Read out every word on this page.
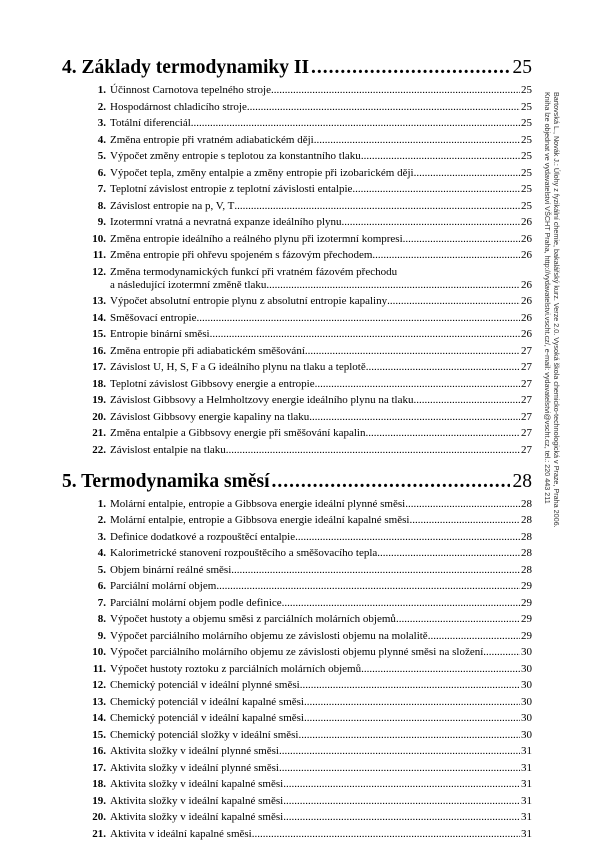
4. Základy termodynamiky II .....	25
1. Účinnost Carnotova tepelného stroje .....	25
2. Hospodárnost chladicího stroje .....	25
3. Totální diferenciál .....	25
4. Změna entropie při vratném adiabatickém ději .....	25
5. Výpočet změny entropie s teplotou za konstantního tlaku .....	25
6. Výpočet tepla, změny entalpie a změny entropie při izobarickém ději .....	25
7. Teplotní závislost entropie z teplotní závislosti entalpie .....	25
8. Závislost entropie na p, V, T .....	25
9. Izotermní vratná a nevratná expanze ideálního plynu .....	26
10. Změna entropie ideálního a reálného plynu při izotermní kompresi .....	26
11. Změna entropie při ohřevu spojeném s fázovým přechodem .....	26
12. Změna termodynamických funkcí při vratném fázovém přechodu
a následující izotermní změně tlaku .....	26
13. Výpočet absolutní entropie plynu z absolutní entropie kapaliny .....	26
14. Směšovací entropie .....	26
15. Entropie binární směsi .....	26
16. Změna entropie při adiabatickém směšování .....	27
17. Závislost U, H, S, F a G ideálního plynu na tlaku a teplotě .....	27
18. Teplotní závislost Gibbsovy energie a entropie .....	27
19. Závislost Gibbsovy a Helmholtzovy energie ideálního plynu na tlaku .....	27
20. Závislost Gibbsovy energie kapaliny na tlaku .....	27
21. Změna entalpie a Gibbsovy energie při směšování kapalin .....	27
22. Závislost entalpie na tlaku .....	27
5. Termodynamika směsí .....	28
1. Molární entalpie, entropie a Gibbsova energie ideální plynné směsi .....	28
2. Molární entalpie, entropie a Gibbsova energie ideální kapalné směsi .....	28
3. Definice dodatkové a rozpouštěcí entalpie .....	28
4. Kalorimetrické stanovení rozpouštěcího a směšovacího tepla .....	28
5. Objem binární reálné směsi .....	28
6. Parciální molární objem .....	29
7. Parciální molární objem podle definice .....	29
8. Výpočet hustoty a objemu směsi z parciálních molárních objemů .....	29
9. Výpočet parciálního molárního objemu ze závislosti objemu na molalitě .....	29
10. Výpočet parciálního molárního objemu ze závislosti objemu plynné směsi na složení .....	30
11. Výpočet hustoty roztoku z parciálních molárních objemů .....	30
12. Chemický potenciál v ideální plynné směsi .....	30
13. Chemický potenciál v ideální kapalné směsi .....	30
14. Chemický potenciál v ideální kapalné směsi .....	30
15. Chemický potenciál složky v ideální směsi .....	30
16. Aktivita složky v ideální plynné směsi .....	31
17. Aktivita složky v ideální plynné směsi .....	31
18. Aktivita složky v ideální kapalné směsi .....	31
19. Aktivita složky v ideální kapalné směsi .....	31
20. Aktivita složky v ideální kapalné směsi .....	31
21. Aktivita v ideální kapalné směsi .....	31
Bartovská L., Novák J.: Úlohy z fyzikální chemie, bakalářský kurz. Verze 2.0. Vysoká škola chemicko-technologická v Praze, Praha 2006.
Kniha lze objednat ve vydavatelství VŠCHT Praha, http://vydavatelstvi.vscht.cz/, e-mail: vydavatelstvi@vscht.cz, tel.: 220 443 211
